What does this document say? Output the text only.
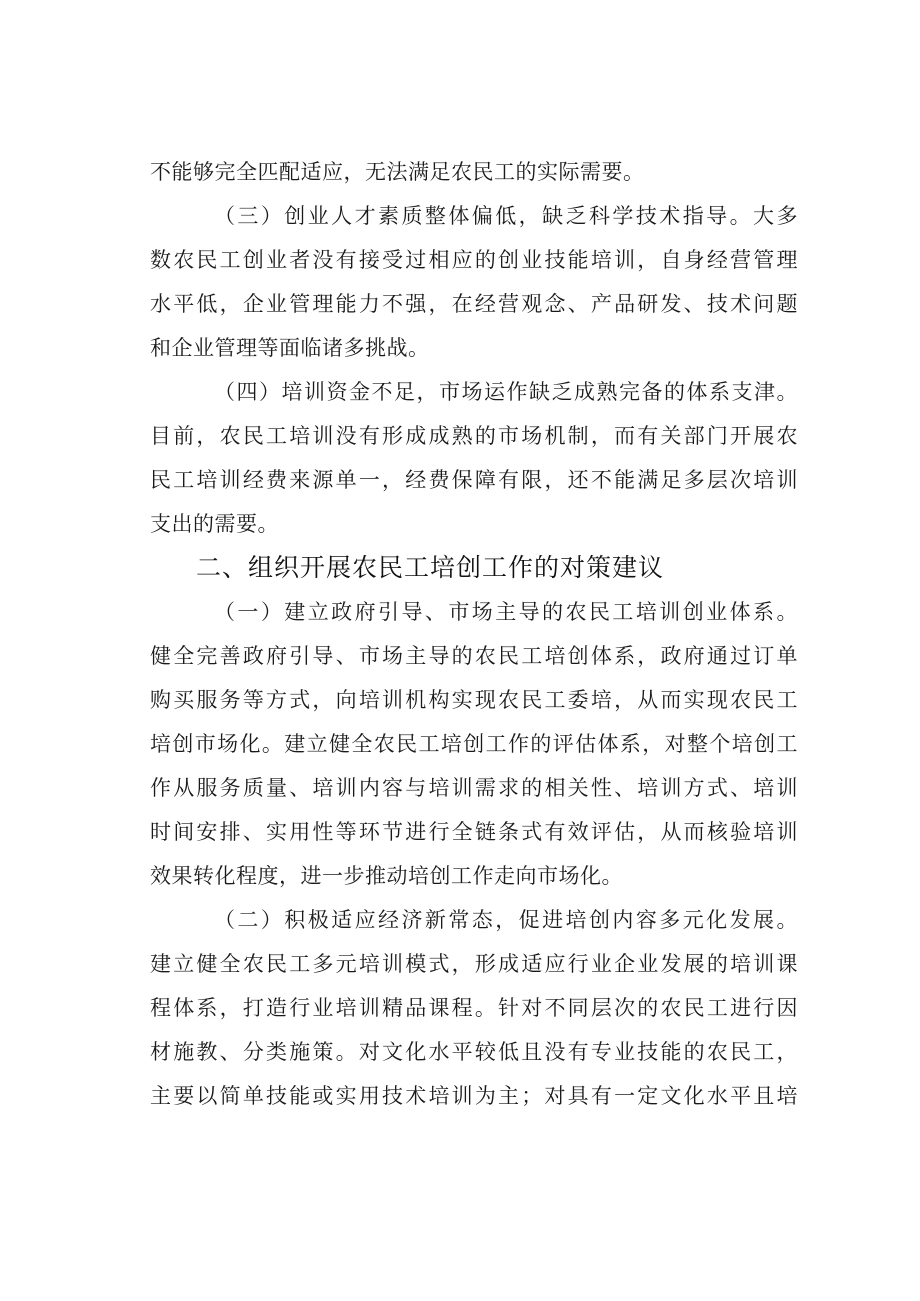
不能够完全匹配适应，无法满足农民工的实际需要。
（三）创业人才素质整体偏低，缺乏科学技术指导。大多
数农民工创业者没有接受过相应的创业技能培训，自身经营管理
水平低，企业管理能力不强，在经营观念、产品研发、技术问题
和企业管理等面临诸多挑战。
（四）培训资金不足，市场运作缺乏成熟完备的体系支津。
目前，农民工培训没有形成成熟的市场机制，而有关部门开展农
民工培训经费来源单一，经费保障有限，还不能满足多层次培训
支出的需要。
二、组织开展农民工培创工作的对策建议
（一）建立政府引导、市场主导的农民工培训创业体系。
健全完善政府引导、市场主导的农民工培创体系，政府通过订单
购买服务等方式，向培训机构实现农民工委培，从而实现农民工
培创市场化。建立健全农民工培创工作的评估体系，对整个培创工
作从服务质量、培训内容与培训需求的相关性、培训方式、培训
时间安排、实用性等环节进行全链条式有效评估，从而核验培训
效果转化程度，进一步推动培创工作走向市场化。
（二）积极适应经济新常态，促进培创内容多元化发展。
建立健全农民工多元培训模式，形成适应行业企业发展的培训课
程体系，打造行业培训精品课程。针对不同层次的农民工进行因
材施教、分类施策。对文化水平较低且没有专业技能的农民工，
主要以简单技能或实用技术培训为主；对具有一定文化水平且培
